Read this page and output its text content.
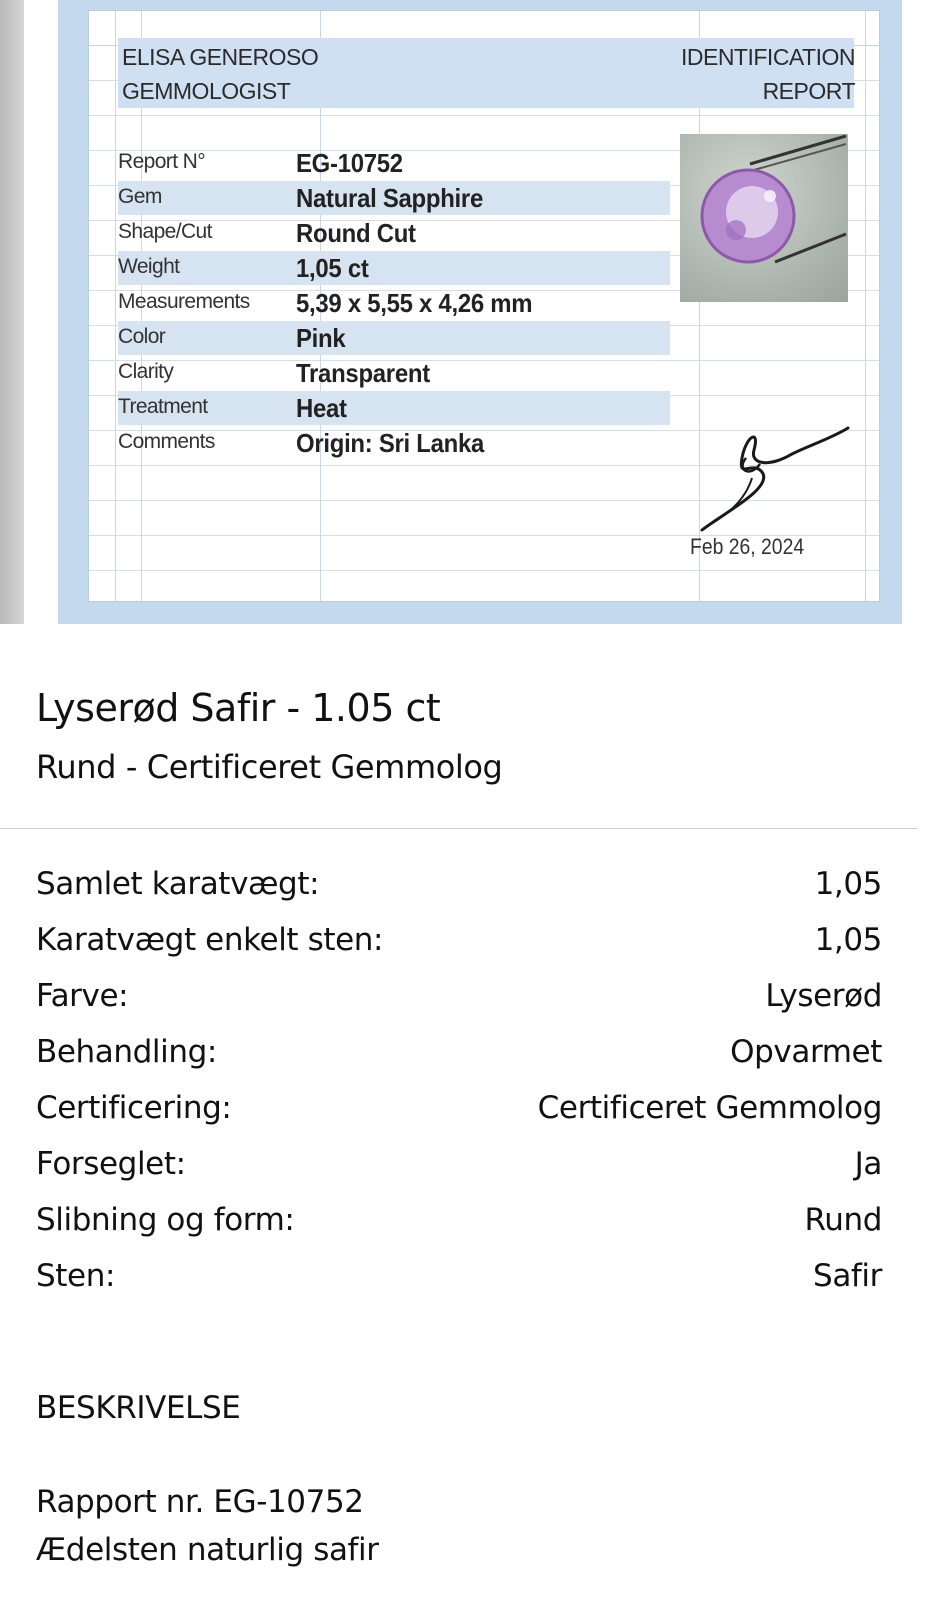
ELISA GENEROSO
GEMMOLOGIST
IDENTIFICATION
REPORT
Report N°	EG-10752
Gem	Natural Sapphire
Shape/Cut	Round Cut
Weight	1,05 ct
Measurements 5,39 x 5,55 x 4,26 mm
Color	Pink
Clarity	Transparent
Treatment	Heat
Comments	Origin: Sri Lanka
Feb 26, 2024
Lyserød Safir - 1.05 ct
Rund - Certificeret Gemmolog
Samlet karatvægt:	1,05
Karatvægt enkelt sten:	1,05
Farve:	Lyserød
Behandling:	Opvarmet
Certificering:	Certificeret Gemmolog
Forseglet:	Ja
Slibning og form:	Rund
Sten:	Safir
BESKRIVELSE
Rapport nr. EG-10752
Ædelsten naturlig safir
